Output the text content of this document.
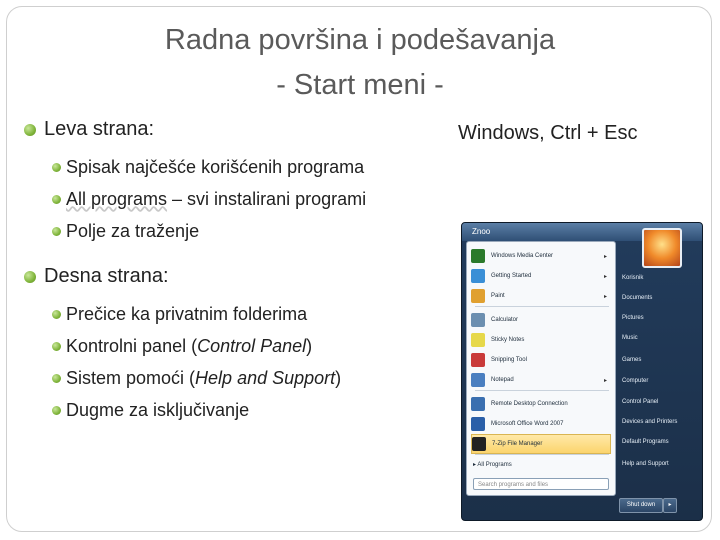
Radna površina i podešavanja
- Start meni -
Leva strana:
Spisak najčešće korišćenih programa
All programs – svi instalirani programi
Polje za traženje
Desna strana:
Prečice ka privatnim folderima
Kontrolni panel ( Control Panel )
Sistem pomoći ( Help and Support )
Dugme za isključivanje
Windows, Ctrl + Esc
Znoo
Windows Media Center	▸
Getting Started	▸
Paint	▸
Calculator
Sticky Notes
Snipping Tool
Notepad	▸
Remote Desktop Connection
Microsoft Office Word 2007
7-Zip File Manager
▸ All Programs
Search programs and files
Korisnik
Documents
Pictures
Music
Games
Computer
Control Panel
Devices and Printers
Default Programs
Help and Support
Shut down	▸
